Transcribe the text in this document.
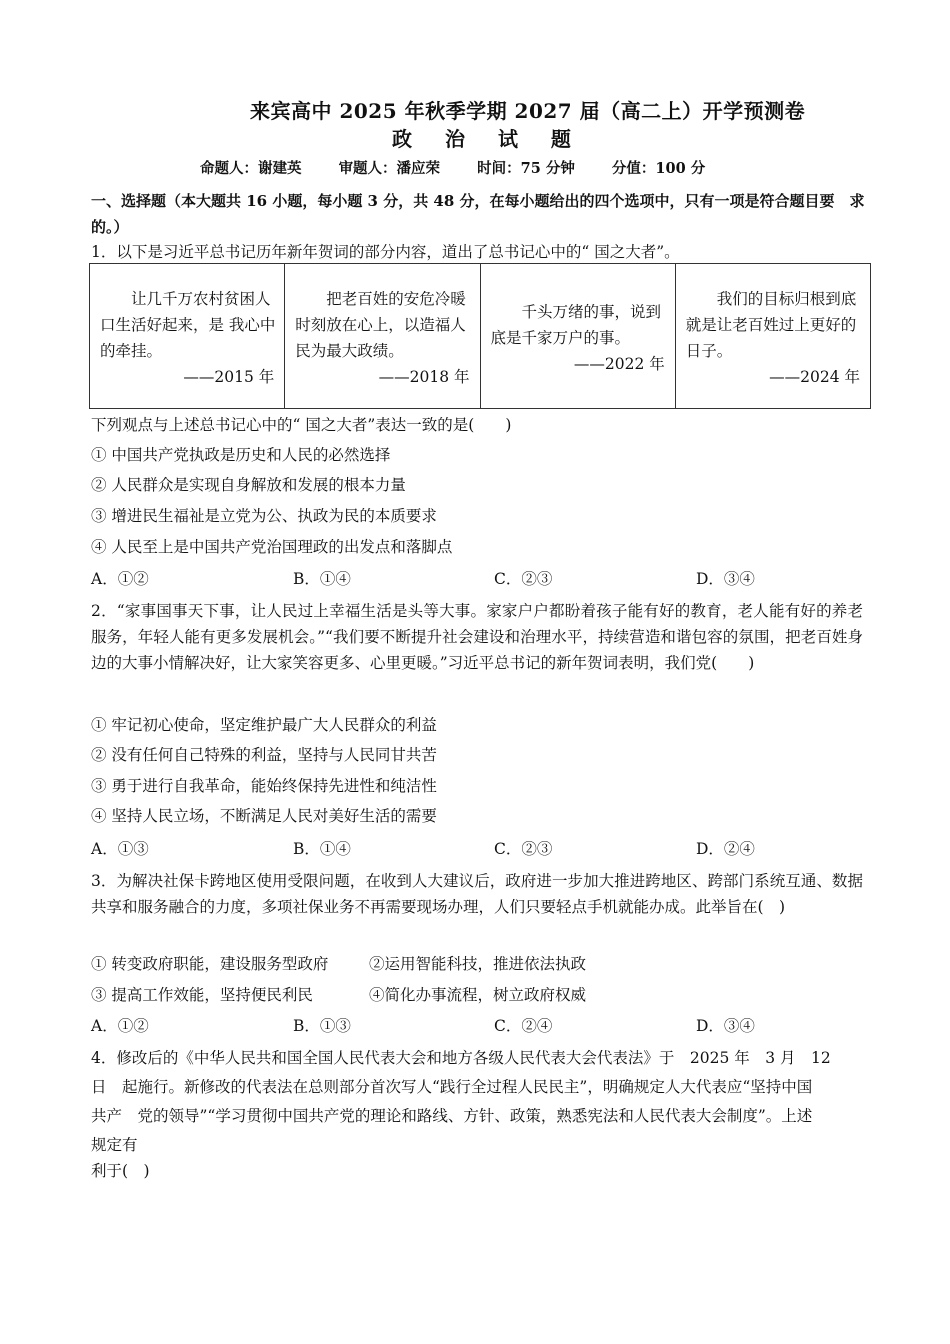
来宾高中 2025 年秋季学期 2027 届（高二上）开学预测卷
政 治 试 题
命题人：谢建英	审题人：潘应荣	时间：75 分钟	分值：100 分
一、选择题（本大题共 16 小题，每小题 3 分，共 48 分，在每小题给出的四个选项中，只有一项是符合题目要　求的。）
1．以下是习近平总书记历年新年贺词的部分内容，道出了总书记心中的“ 国之大者”。
让几千万农村贫困人口生活好起来，是 我心中的牵挂。
——2015 年

把老百姓的安危冷暖时刻放在心上，以造福人民为最大政绩。
——2018 年

千头万绪的事，说到底是千家万户的事。
——2022 年

我们的目标归根到底就是让老百姓过上更好的日子。
——2024 年
下列观点与上述总书记心中的“ 国之大者”表达一致的是(　　)
① 中国共产党执政是历史和人民的必然选择
② 人民群众是实现自身解放和发展的根本力量
③ 增进民生福祉是立党为公、执政为民的本质要求
④ 人民至上是中国共产党治国理政的出发点和落脚点
A．①②	B．①④	C．②③	D．③④
2．“家事国事天下事，让人民过上幸福生活是头等大事。家家户户都盼着孩子能有好的教育，老人能有好的养老服务，年轻人能有更多发展机会。”“我们要不断提升社会建设和治理水平，持续营造和谐包容的氛围，把老百姓身边的大事小情解决好，让大家笑容更多、心里更暖。”习近平总书记的新年贺词表明，我们党(　　)
① 牢记初心使命，坚定维护最广大人民群众的利益
② 没有任何自己特殊的利益，坚持与人民同甘共苦
③ 勇于进行自我革命，能始终保持先进性和纯洁性
④ 坚持人民立场，不断满足人民对美好生活的需要
A．①③	B．①④	C．②③	D．②④
3．为解决社保卡跨地区使用受限问题，在收到人大建议后，政府进一步加大推进跨地区、跨部门系统互通、数据共享和服务融合的力度，多项社保业务不再需要现场办理，人们只要轻点手机就能办成。此举旨在(　)
① 转变政府职能，建设服务型政府	②运用智能科技，推进依法执政
③ 提高工作效能，坚持便民利民	④简化办事流程，树立政府权威
A．①②	B．①③	C．②④	D．③④
4．修改后的《中华人民共和国全国人民代表大会和地方各级人民代表大会代表法》于　2025 年　3 月　12
日　起施行。新修改的代表法在总则部分首次写人“践行全过程人民民主”，明确规定人大代表应“坚持中国
共产　党的领导”“学习贯彻中国共产党的理论和路线、方针、政策，熟悉宪法和人民代表大会制度”。上述
规定有
利于(　)
